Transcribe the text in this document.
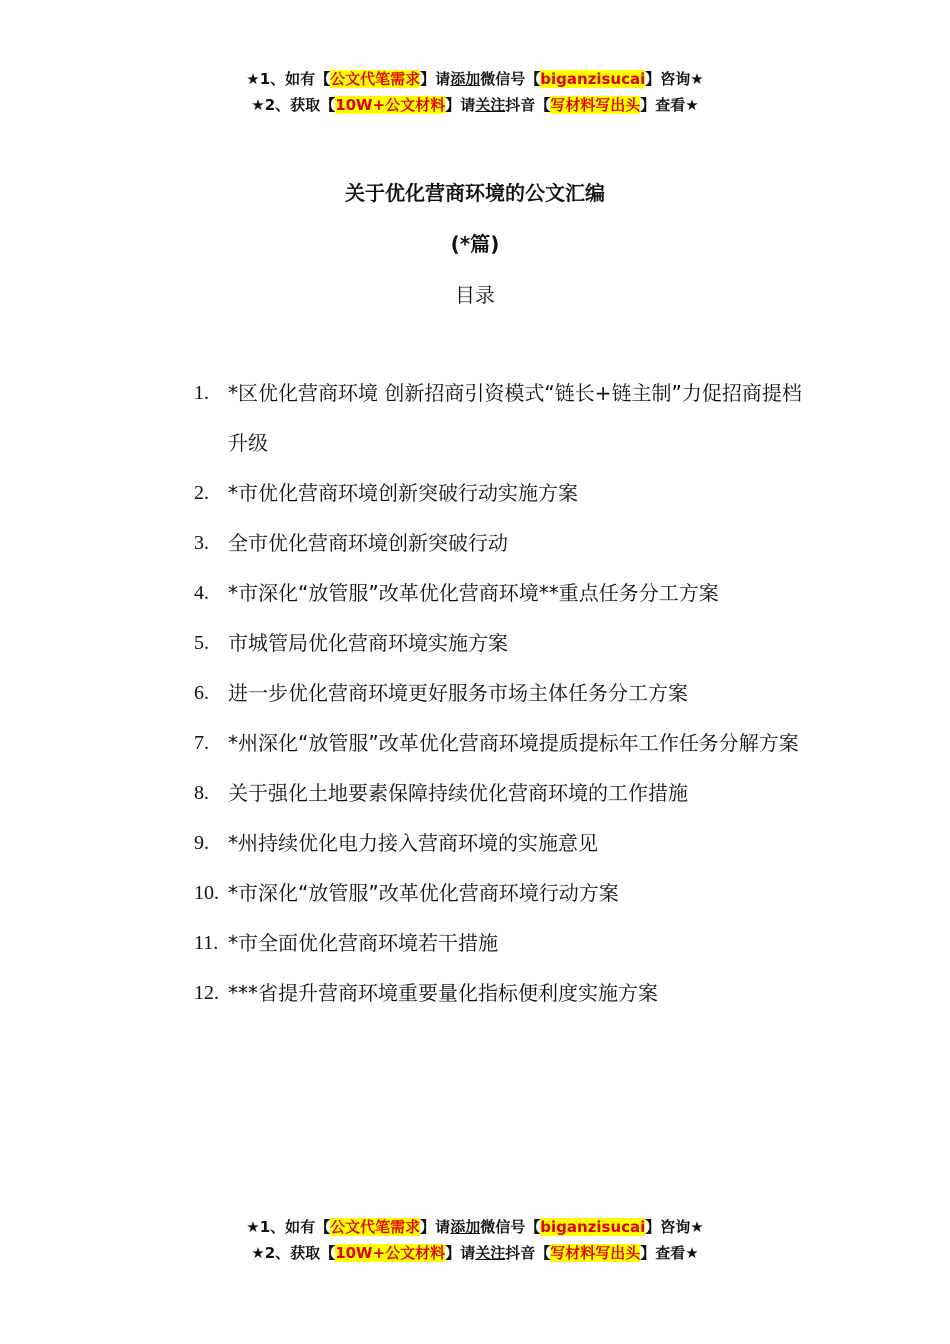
★1、如有【公文代笔需求】请添加微信号【biganzisucai】咨询★
★2、获取【10W+公文材料】请关注抖音【写材料写出头】查看★
关于优化营商环境的公文汇编
(*篇)
目录
1. *区优化营商环境 创新招商引资模式“链长+链主制”力促招商提档升级
2. *市优化营商环境创新突破行动实施方案
3. 全市优化营商环境创新突破行动
4. *市深化“放管服”改革优化营商环境**重点任务分工方案
5. 市城管局优化营商环境实施方案
6. 进一步优化营商环境更好服务市场主体任务分工方案
7. *州深化“放管服”改革优化营商环境提质提标年工作任务分解方案
8. 关于强化土地要素保障持续优化营商环境的工作措施
9. *州持续优化电力接入营商环境的实施意见
10. *市深化“放管服”改革优化营商环境行动方案
11. *市全面优化营商环境若干措施
12. ***省提升营商环境重要量化指标便利度实施方案
★1、如有【公文代笔需求】请添加微信号【biganzisucai】咨询★
★2、获取【10W+公文材料】请关注抖音【写材料写出头】查看★
